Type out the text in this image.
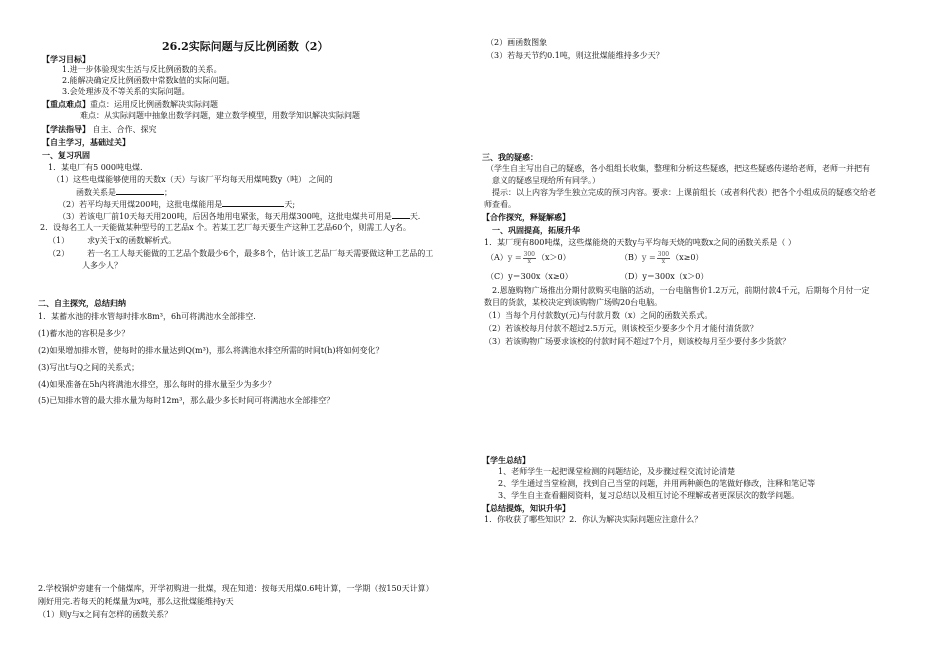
26.2实际问题与反比例函数（2）
【学习目标】
1.进一步体验现实生活与反比例函数的关系。
2.能解决确定反比例函数中常数k值的实际问题。
3.会处理涉及不等关系的实际问题。
【重点难点】重点：运用反比例函数解决实际问题
难点：从实际问题中抽象出数学问题，建立数学模型，用数学知识解决实际问题
【学法指导】 自主、合作、探究
【自主学习，基础过关】
一、复习巩固
1．某电厂有5 000吨电煤.
（1）这些电煤能够使用的天数x（天）与该厂平均每天用煤吨数y（吨） 之间的
函数关系是	；
（2）若平均每天用煤200吨，这批电煤能用是	天;
（3）若该电厂前10天每天用200吨，后因各地用电紧张，每天用煤300吨，这批电煤共可用是 天.
2．设每名工人一天能做某种型号的工艺品x 个。若某工艺厂每天要生产这种工艺品60个，则需工人y名。
（1） 求y关于x的函数解析式。
（2） 若一名工人每天能做的工艺品个数最少6个，最多8个，估计该工艺品厂每天需要做这种工艺品的工
人多少人？
二、自主探究，总结归纳
1．某蓄水池的排水管每时排水8m³，6h可将满池水全部排空.
(1)蓄水池的容积是多少？
(2)如果增加排水管，使每时的排水量达到Q(m³)，那么将满池水排空所需的时间t(h)将如何变化？
(3)写出t与Q之间的关系式；
(4)如果准备在5h内将满池水排空，那么每时的排水量至少为多少？
(5)已知排水管的最大排水量为每时12m³，那么最少多长时间可将满池水全部排空？
2.学校锅炉旁建有一个储煤库，开学初购进一批煤，现在知道：按每天用煤0.6吨计算，一学期（按150天计算）
刚好用完.若每天的耗煤量为x吨，那么这批煤能维持y天
（1）则y与x之间有怎样的函数关系？
（2）画函数图象
（3）若每天节约0.1吨，则这批煤能维持多少天？
三、我的疑惑：
（学生自主写出自己的疑惑，各小组组长收集，整理和分析这些疑惑，把这些疑惑传递给老师，老师一并把有
意义的疑惑呈现给所有同学。）
提示：以上内容为学生独立完成的预习内容。要求：上课前组长（或者科代表）把各个小组成员的疑惑交给老
师查看。
【合作探究，释疑解惑】
一、巩固提高，拓展升华
1．某厂现有800吨煤，这些煤能烧的天数y与平均每天烧的吨数x之间的函数关系是（ ）
$(A)y = \frac{300}{x} (x>0)$	$(B)y = \frac{300}{x} (x\ge 0)$
（C）y＝300x（x≥0）	（D）y＝300x（x＞0）
2.恩施购物广场推出分期付款购买电脑的活动，一台电脑售价1.2万元，前期付款4千元，后期每个月付一定
数目的货款，某校决定到该购物广场购20台电脑。
（1）当每个月付款数y(元)与付款月数（x）之间的函数关系式。
（2）若该校每月付款不超过2.5万元，则该校至少要多少个月才能付清货款？
（3）若该购物广场要求该校的付款时间不超过7个月，则该校每月至少要付多少货款？
【学生总结】
1、老师学生一起把课堂检测的问题结论，及步骤过程交流讨论清楚
2、学生通过当堂检测，找到自己当堂的问题，并用两种颜色的笔做好修改，注释和笔记等
3、学生自主查看翻阅资料，复习总结以及相互讨论不理解或者更深层次的数学问题。
【总结提炼，知识升华】
1．你收获了哪些知识？2．你认为解决实际问题应注意什么？
